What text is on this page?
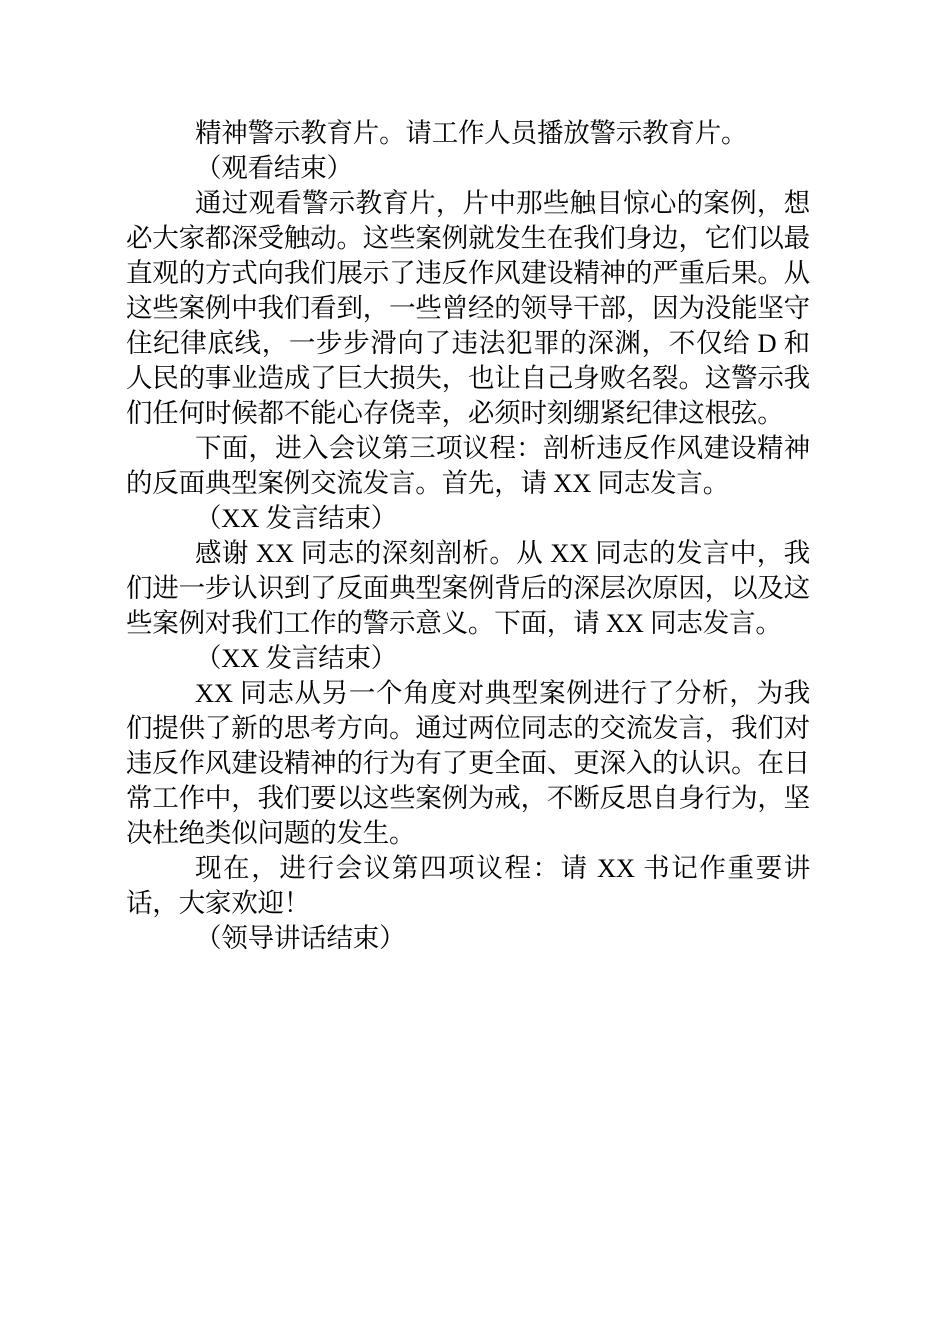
精神警示教育片。请工作人员播放警示教育片。

（观看结束）

通过观看警示教育片，片中那些触目惊心的案例，想必大家都深受触动。这些案例就发生在我们身边，它们以最直观的方式向我们展示了违反作风建设精神的严重后果。从这些案例中我们看到，一些曾经的领导干部，因为没能坚守住纪律底线，一步步滑向了违法犯罪的深渊，不仅给 D 和人民的事业造成了巨大损失，也让自己身败名裂。这警示我们任何时候都不能心存侥幸，必须时刻绷紧纪律这根弦。

下面，进入会议第三项议程：剖析违反作风建设精神的反面典型案例交流发言。首先，请 XX 同志发言。

（XX 发言结束）

感谢 XX 同志的深刻剖析。从 XX 同志的发言中，我们进一步认识到了反面典型案例背后的深层次原因，以及这些案例对我们工作的警示意义。下面，请 XX 同志发言。

（XX 发言结束）

XX 同志从另一个角度对典型案例进行了分析，为我们提供了新的思考方向。通过两位同志的交流发言，我们对违反作风建设精神的行为有了更全面、更深入的认识。在日常工作中，我们要以这些案例为戒，不断反思自身行为，坚决杜绝类似问题的发生。

现在，进行会议第四项议程：请 XX 书记作重要讲话，大家欢迎！

（领导讲话结束）
